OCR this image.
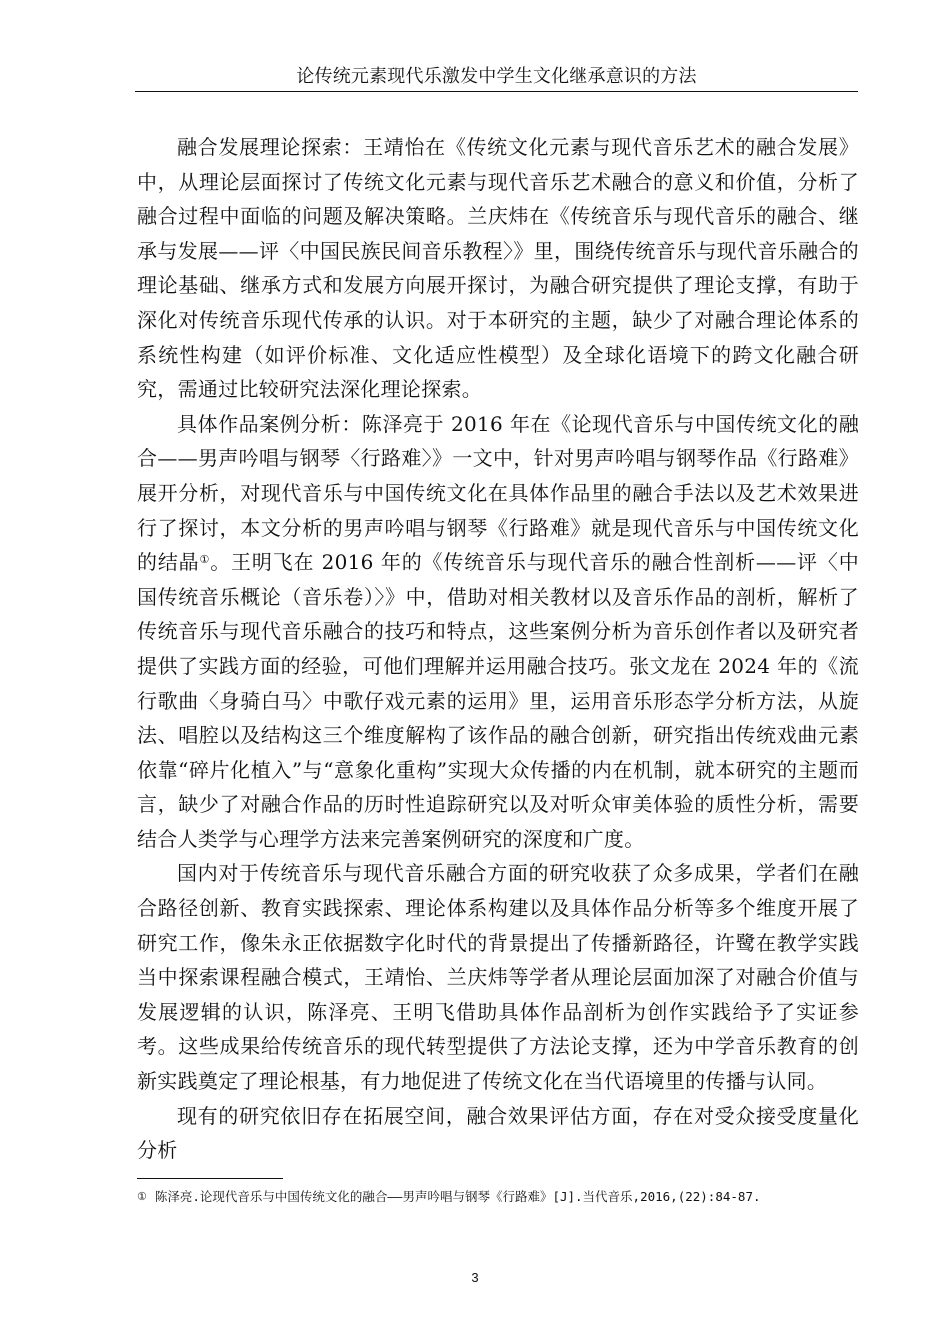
论传统元素现代乐激发中学生文化继承意识的方法

融合发展理论探索：王靖怡在《传统文化元素与现代音乐艺术的融合发展》中，从理论层面探讨了传统文化元素与现代音乐艺术融合的意义和价值，分析了融合过程中面临的问题及解决策略。兰庆炜在《传统音乐与现代音乐的融合、继承与发展——评〈中国民族民间音乐教程〉》里，围绕传统音乐与现代音乐融合的理论基础、继承方式和发展方向展开探讨，为融合研究提供了理论支撑，有助于深化对传统音乐现代传承的认识。对于本研究的主题，缺少了对融合理论体系的系统性构建（如评价标准、文化适应性模型）及全球化语境下的跨文化融合研究，需通过比较研究法深化理论探索。

具体作品案例分析：陈泽亮于 2016 年在《论现代音乐与中国传统文化的融合——男声吟唱与钢琴〈行路难〉》一文中，针对男声吟唱与钢琴作品《行路难》展开分析，对现代音乐与中国传统文化在具体作品里的融合手法以及艺术效果进行了探讨，本文分析的男声吟唱与钢琴《行路难》就是现代音乐与中国传统文化的结晶①。王明飞在 2016 年的《传统音乐与现代音乐的融合性剖析——评〈中国传统音乐概论（音乐卷）〉》中，借助对相关教材以及音乐作品的剖析，解析了传统音乐与现代音乐融合的技巧和特点，这些案例分析为音乐创作者以及研究者提供了实践方面的经验，可他们理解并运用融合技巧。张文龙在 2024 年的《流行歌曲〈身骑白马〉中歌仔戏元素的运用》里，运用音乐形态学分析方法，从旋法、唱腔以及结构这三个维度解构了该作品的融合创新，研究指出传统戏曲元素依靠“碎片化植入”与“意象化重构”实现大众传播的内在机制，就本研究的主题而言，缺少了对融合作品的历时性追踪研究以及对听众审美体验的质性分析，需要结合人类学与心理学方法来完善案例研究的深度和广度。

国内对于传统音乐与现代音乐融合方面的研究收获了众多成果，学者们在融合路径创新、教育实践探索、理论体系构建以及具体作品分析等多个维度开展了研究工作，像朱永正依据数字化时代的背景提出了传播新路径，许鹭在教学实践当中探索课程融合模式，王靖怡、兰庆炜等学者从理论层面加深了对融合价值与发展逻辑的认识，陈泽亮、王明飞借助具体作品剖析为创作实践给予了实证参考。这些成果给传统音乐的现代转型提供了方法论支撑，还为中学音乐教育的创新实践奠定了理论根基，有力地促进了传统文化在当代语境里的传播与认同。

现有的研究依旧存在拓展空间，融合效果评估方面，存在对受众接受度量化分析

① 陈泽亮.论现代音乐与中国传统文化的融合——男声吟唱与钢琴《行路难》[J].当代音乐,2016,(22):84-87.
3
